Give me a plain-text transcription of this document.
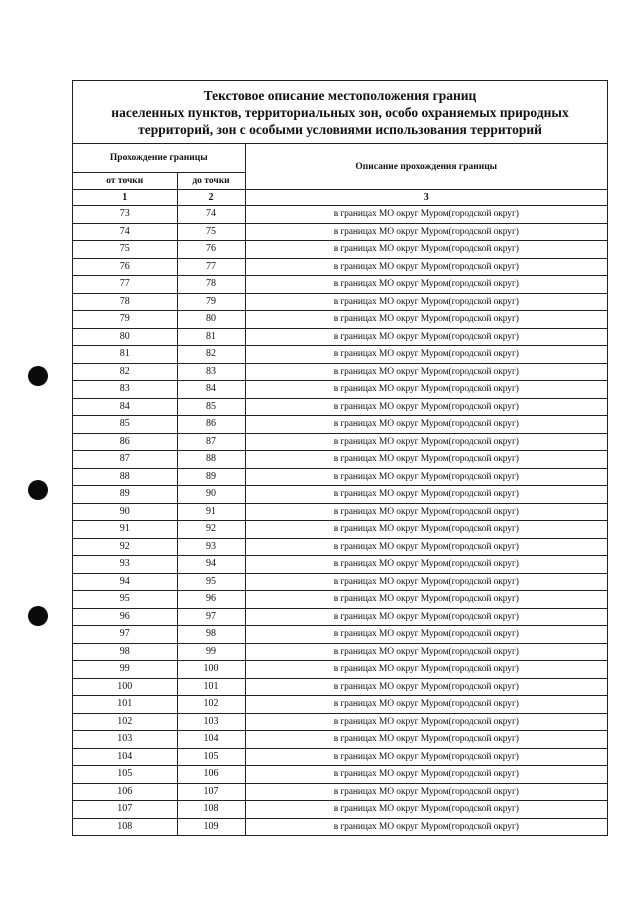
Текстовое описание местоположения границ
населенных пунктов, территориальных зон, особо охраняемых природных
территорий, зон с особыми условиями использования территорий
Прохождение границы		Описание прохождения границы
от точки	до точки	
1	2	3
73	74	в границах МО округ Муром(городской округ)
74	75	в границах МО округ Муром(городской округ)
75	76	в границах МО округ Муром(городской округ)
76	77	в границах МО округ Муром(городской округ)
77	78	в границах МО округ Муром(городской округ)
78	79	в границах МО округ Муром(городской округ)
79	80	в границах МО округ Муром(городской округ)
80	81	в границах МО округ Муром(городской округ)
81	82	в границах МО округ Муром(городской округ)
82	83	в границах МО округ Муром(городской округ)
83	84	в границах МО округ Муром(городской округ)
84	85	в границах МО округ Муром(городской округ)
85	86	в границах МО округ Муром(городской округ)
86	87	в границах МО округ Муром(городской округ)
87	88	в границах МО округ Муром(городской округ)
88	89	в границах МО округ Муром(городской округ)
89	90	в границах МО округ Муром(городской округ)
90	91	в границах МО округ Муром(городской округ)
91	92	в границах МО округ Муром(городской округ)
92	93	в границах МО округ Муром(городской округ)
93	94	в границах МО округ Муром(городской округ)
94	95	в границах МО округ Муром(городской округ)
95	96	в границах МО округ Муром(городской округ)
96	97	в границах МО округ Муром(городской округ)
97	98	в границах МО округ Муром(городской округ)
98	99	в границах МО округ Муром(городской округ)
99	100	в границах МО округ Муром(городской округ)
100	101	в границах МО округ Муром(городской округ)
101	102	в границах МО округ Муром(городской округ)
102	103	в границах МО округ Муром(городской округ)
103	104	в границах МО округ Муром(городской округ)
104	105	в границах МО округ Муром(городской округ)
105	106	в границах МО округ Муром(городской округ)
106	107	в границах МО округ Муром(городской округ)
107	108	в границах МО округ Муром(городской округ)
108	109	в границах МО округ Муром(городской округ)
